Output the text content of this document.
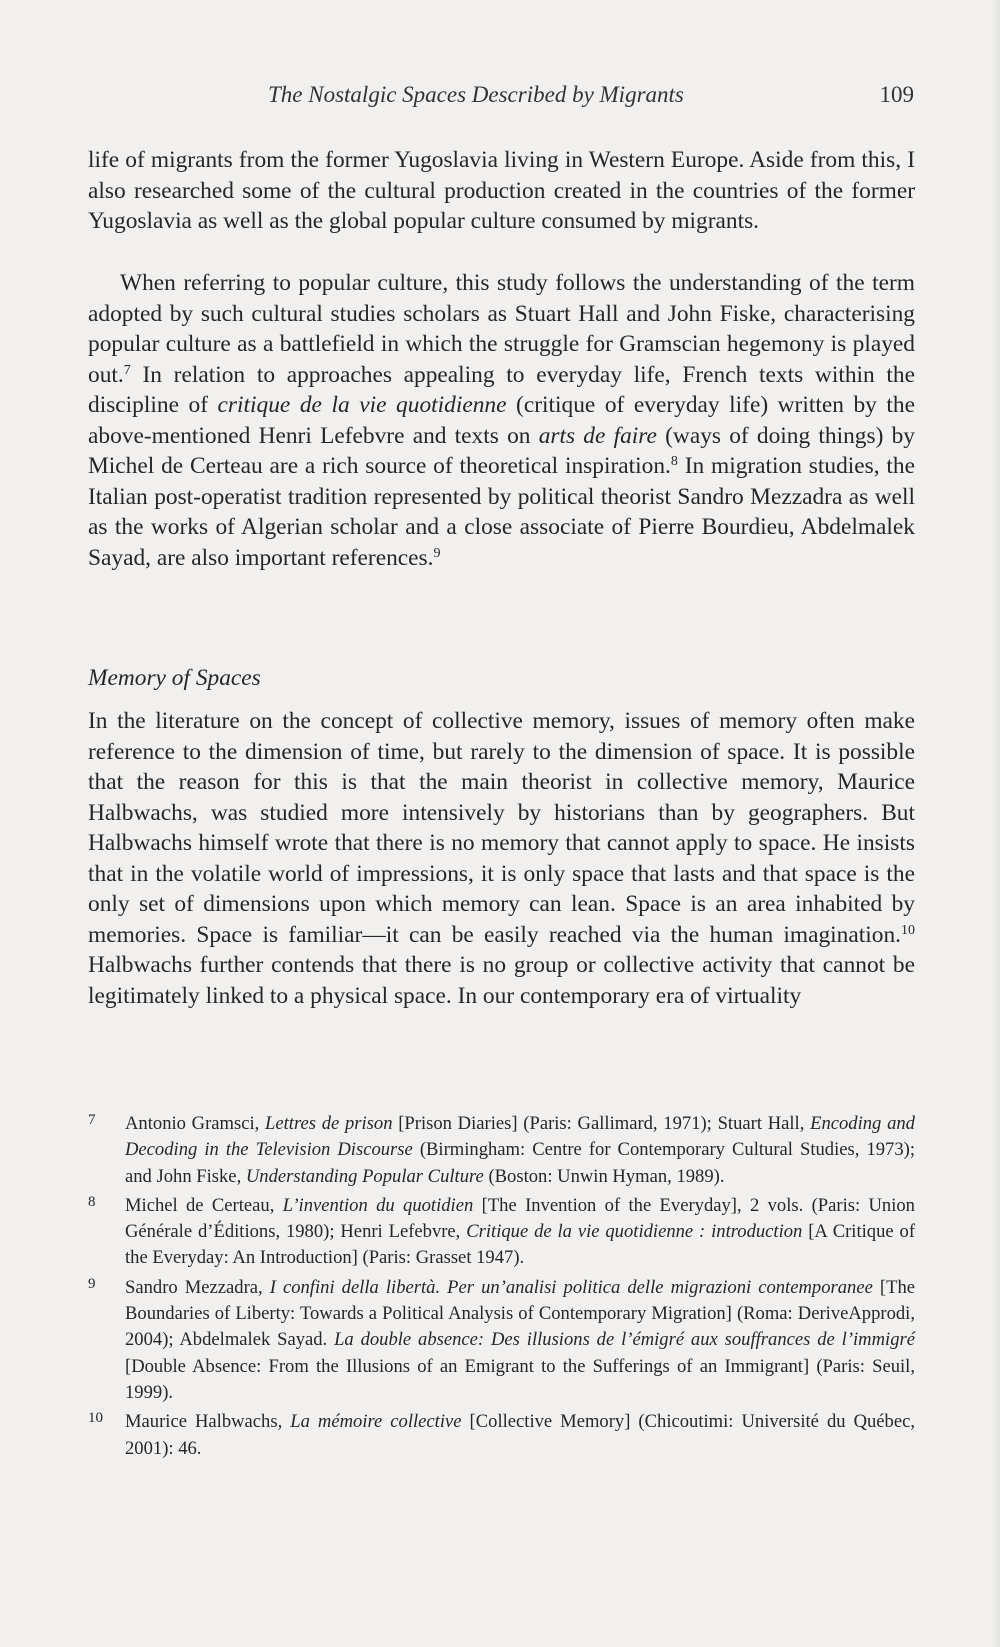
The Nostalgic Spaces Described by Migrants	109

life of migrants from the former Yugoslavia living in Western Europe. Aside from this, I also researched some of the cultural production created in the countries of the former Yugoslavia as well as the global popular culture consumed by migrants.

When referring to popular culture, this study follows the understanding of the term adopted by such cultural studies scholars as Stuart Hall and John Fiske, characterising popular culture as a battlefield in which the struggle for Gramscian hegemony is played out.$^7$ In relation to approaches appealing to everyday life, French texts within the discipline of critique de la vie quotidienne (critique of everyday life) written by the above-mentioned Henri Lefebvre and texts on arts de faire (ways of doing things) by Michel de Certeau are a rich source of theoretical inspiration.$^8$ In migration studies, the Italian post-operatist tradition represented by political theorist Sandro Mezzadra as well as the works of Algerian scholar and a close associate of Pierre Bourdieu, Abdelmalek Sayad, are also important references.$^9$

Memory of Spaces

In the literature on the concept of collective memory, issues of memory often make reference to the dimension of time, but rarely to the dimension of space. It is possible that the reason for this is that the main theorist in collective memory, Maurice Halbwachs, was studied more intensively by historians than by geographers. But Halbwachs himself wrote that there is no memory that cannot apply to space. He insists that in the volatile world of impressions, it is only space that lasts and that space is the only set of dimensions upon which memory can lean. Space is an area inhabited by memories. Space is familiar—it can be easily reached via the human imagination.$^{10}$ Halbwachs further contends that there is no group or collective activity that cannot be legitimately linked to a physical space. In our contemporary era of virtuality

7 Antonio Gramsci, Lettres de prison [Prison Diaries] (Paris: Gallimard, 1971); Stuart Hall, Encoding and Decoding in the Television Discourse (Birmingham: Centre for Contemporary Cultural Studies, 1973); and John Fiske, Understanding Popular Culture (Boston: Unwin Hyman, 1989).

8 Michel de Certeau, L’invention du quotidien [The Invention of the Everyday], 2 vols. (Paris: Union Générale d’Éditions, 1980); Henri Lefebvre, Critique de la vie quotidienne : introduction [A Critique of the Everyday: An Introduction] (Paris: Grasset 1947).

9 Sandro Mezzadra, I confini della libertà. Per un’analisi politica delle migrazioni contemporanee [The Boundaries of Liberty: Towards a Political Analysis of Contemporary Migration] (Roma: DeriveApprodi, 2004); Abdelmalek Sayad. La double absence: Des illusions de l’émigré aux souffrances de l’immigré [Double Absence: From the Illusions of an Emigrant to the Sufferings of an Immigrant] (Paris: Seuil, 1999).

10 Maurice Halbwachs, La mémoire collective [Collective Memory] (Chicoutimi: Université du Québec, 2001): 46.
